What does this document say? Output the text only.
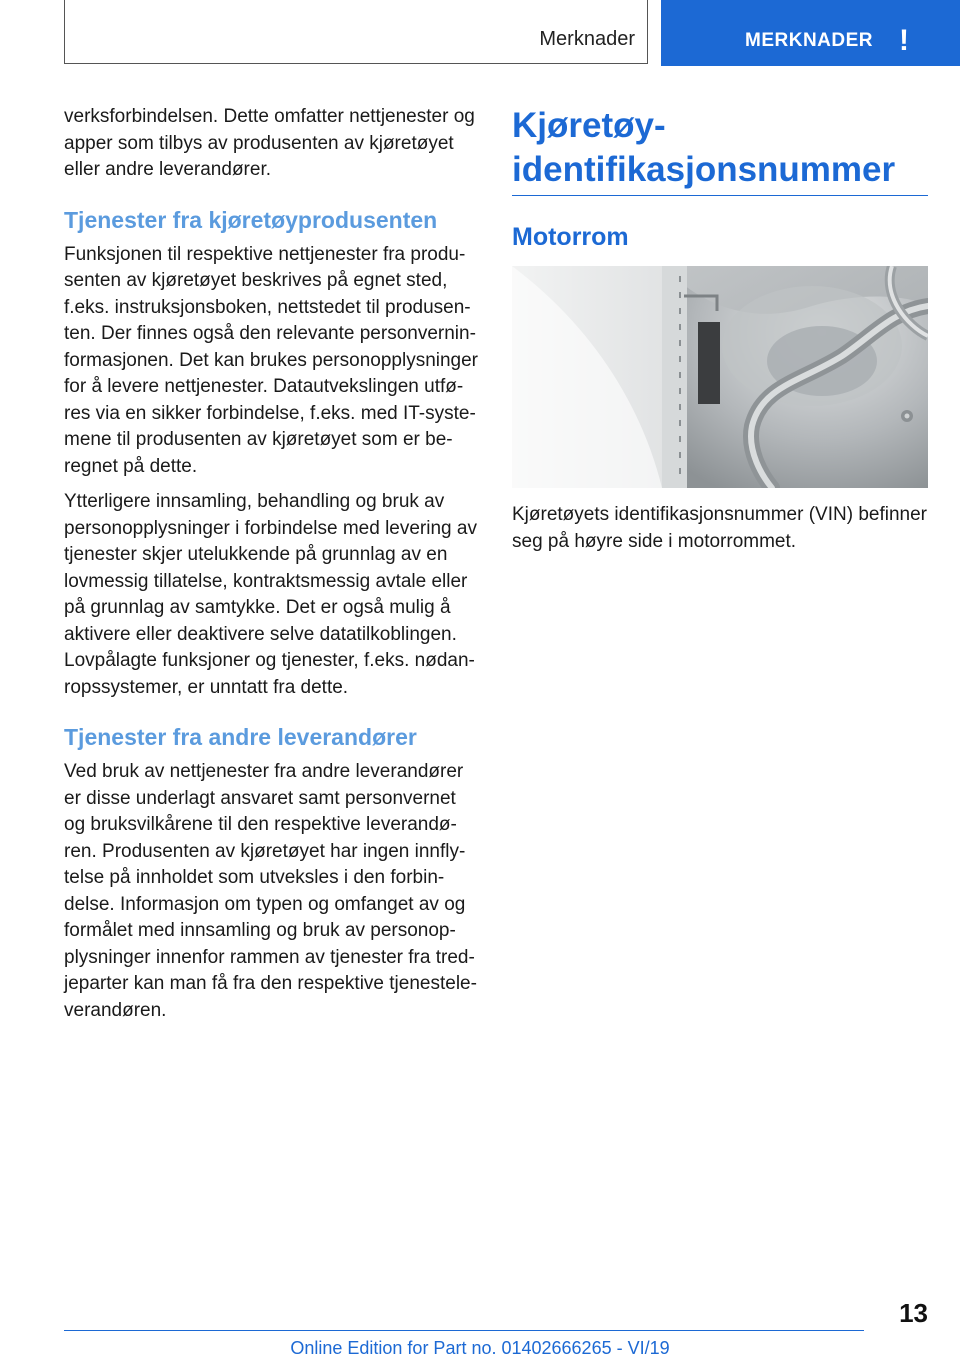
Merknader	MERKNADER !

verksforbindelsen. Dette omfatter nettjenester og apper som tilbys av produsenten av kjøretøyet eller andre leverandører.

Tjenester fra kjøretøyprodusenten

Funksjonen til respektive nettjenester fra produsenten av kjøretøyet beskrives på egnet sted, f.eks. instruksjonsboken, nettstedet til produsenten. Der finnes også den relevante personverninformasjonen. Det kan brukes personopplysninger for å levere nettjenester. Datautvekslingen utføres via en sikker forbindelse, f.eks. med IT-systemene til produsenten av kjøretøyet som er beregnet på dette.

Ytterligere innsamling, behandling og bruk av personopplysninger i forbindelse med levering av tjenester skjer utelukkende på grunnlag av en lovmessig tillatelse, kontraktsmessig avtale eller på grunnlag av samtykke. Det er også mulig å aktivere eller deaktivere selve datatilkoblingen. Lovpålagte funksjoner og tjenester, f.eks. nødanropssystemer, er unntatt fra dette.

Tjenester fra andre leverandører

Ved bruk av nettjenester fra andre leverandører er disse underlagt ansvaret samt personvernet og bruksvilkårene til den respektive leverandøren. Produsenten av kjøretøyet har ingen innflytelse på innholdet som utveksles i den forbindelse. Informasjon om typen og omfanget av og formålet med innsamling og bruk av personopplysninger innenfor rammen av tjenester fra tredjeparter kan man få fra den respektive tjenesteleverandøren.

Kjøretøy-identifikasjonsnummer
Motorrom

Kjøretøyets identifikasjonsnummer (VIN) befinner seg på høyre side i motorrommet.

13
Online Edition for Part no. 01402666265 - VI/19
